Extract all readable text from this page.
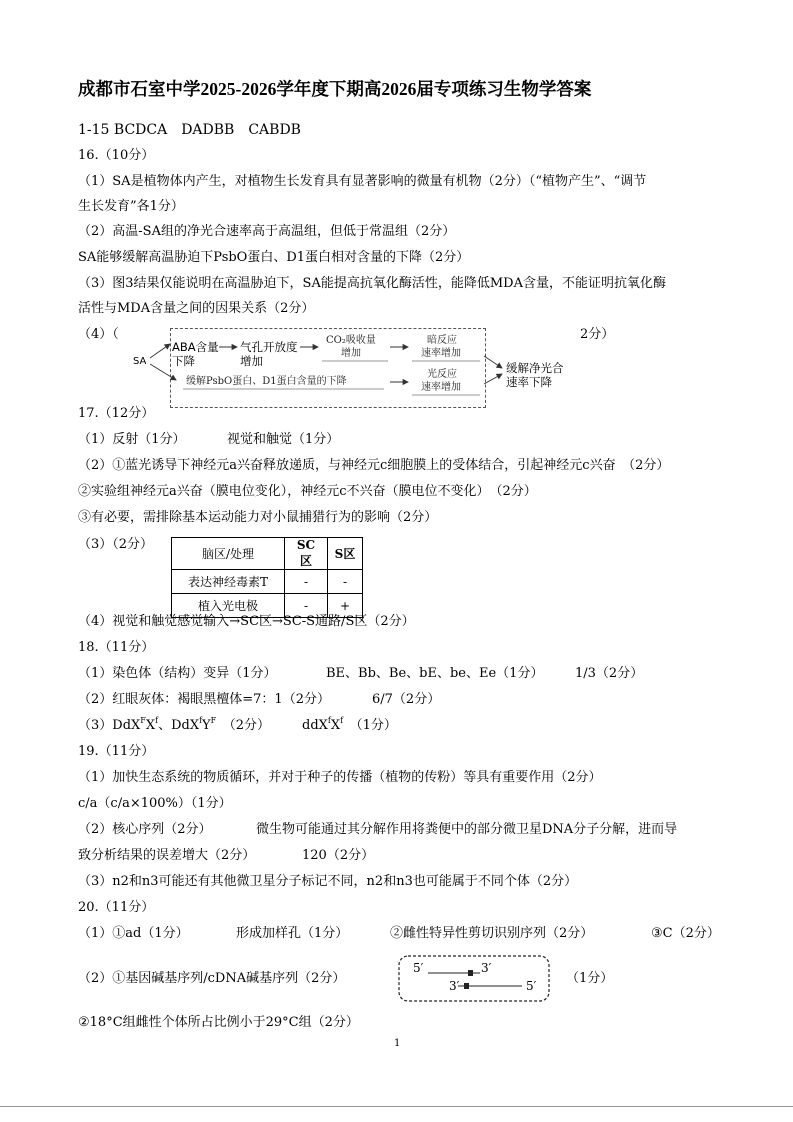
成都市石室中学2025-2026学年度下期高2026届专项练习生物学答案
1-15 BCDCA　DADBB　CABDB
16.（10分）
（1）SA是植物体内产生，对植物生长发育具有显著影响的微量有机物（2分）（“植物产生”、“调节
生长发育”各1分）
（2）高温-SA组的净光合速率高于高温组，但低于常温组（2分）
SA能够缓解高温胁迫下PsbO蛋白、D1蛋白相对含量的下降（2分）
（3）图3结果仅能说明在高温胁迫下，SA能提高抗氧化酶活性，能降低MDA含量，不能证明抗氧化酶
活性与MDA含量之间的因果关系（2分）
（4）（	2分）
SA
ABA含量
下降
气孔开放度
增加
CO₂吸收量
增加
暗反应
速率增加
缓解PsbO蛋白、D1蛋白含量的下降
光反应
速率增加
缓解净光合
速率下降
17.（12分）
（1）反射（1分）	视觉和触觉（1分）
（2）①蓝光诱导下神经元a兴奋释放递质，与神经元c细胞膜上的受体结合，引起神经元c兴奋　（2分）
②实验组神经元a兴奋（膜电位变化），神经元c不兴奋（膜电位不变化）　（2分）
③有必要，需排除基本运动能力对小鼠捕猎行为的影响（2分）
（3）（2分）
脑区/处理	SC区	S区
表达神经毒素T	-	-
植入光电极	-	+
（4）视觉和触觉感觉输入→SC区→SC-S通路/S区（2分）
18.（11分）
（1）染色体（结构）变异（1分）	BE、Bb、Be、bE、be、Ee（1分） 1/3（2分）
（2）红眼灰体：褐眼黑檀体=7：1（2分）	6/7（2分）
$(3)DdX^FX^f$、$DdX^fY^F$　 （2分） $ddX^fX^f$　 （1分）
19.（11分）
（1）加快生态系统的物质循环，并对于种子的传播（植物的传粉）等具有重要作用（2分）
c/a（c/a×100%）（1分）
（2）核心序列（2分）	微生物可能通过其分解作用将粪便中的部分微卫星DNA分子分解，进而导
致分析结果的误差增大（2分）	120（2分）
（3）n2和n3可能还有其他微卫星分子标记不同，n2和n3也可能属于不同个体（2分）
20.（11分）
（1）①ad（1分）	形成加样孔（1分）	②雌性特异性剪切识别序列（2分）	③C（2分）
（2）①基因碱基序列/cDNA碱基序列（2分）
5′	3′
3′	5′ （1分）
②18°C组雌性个体所占比例小于29°C组（2分）
1
